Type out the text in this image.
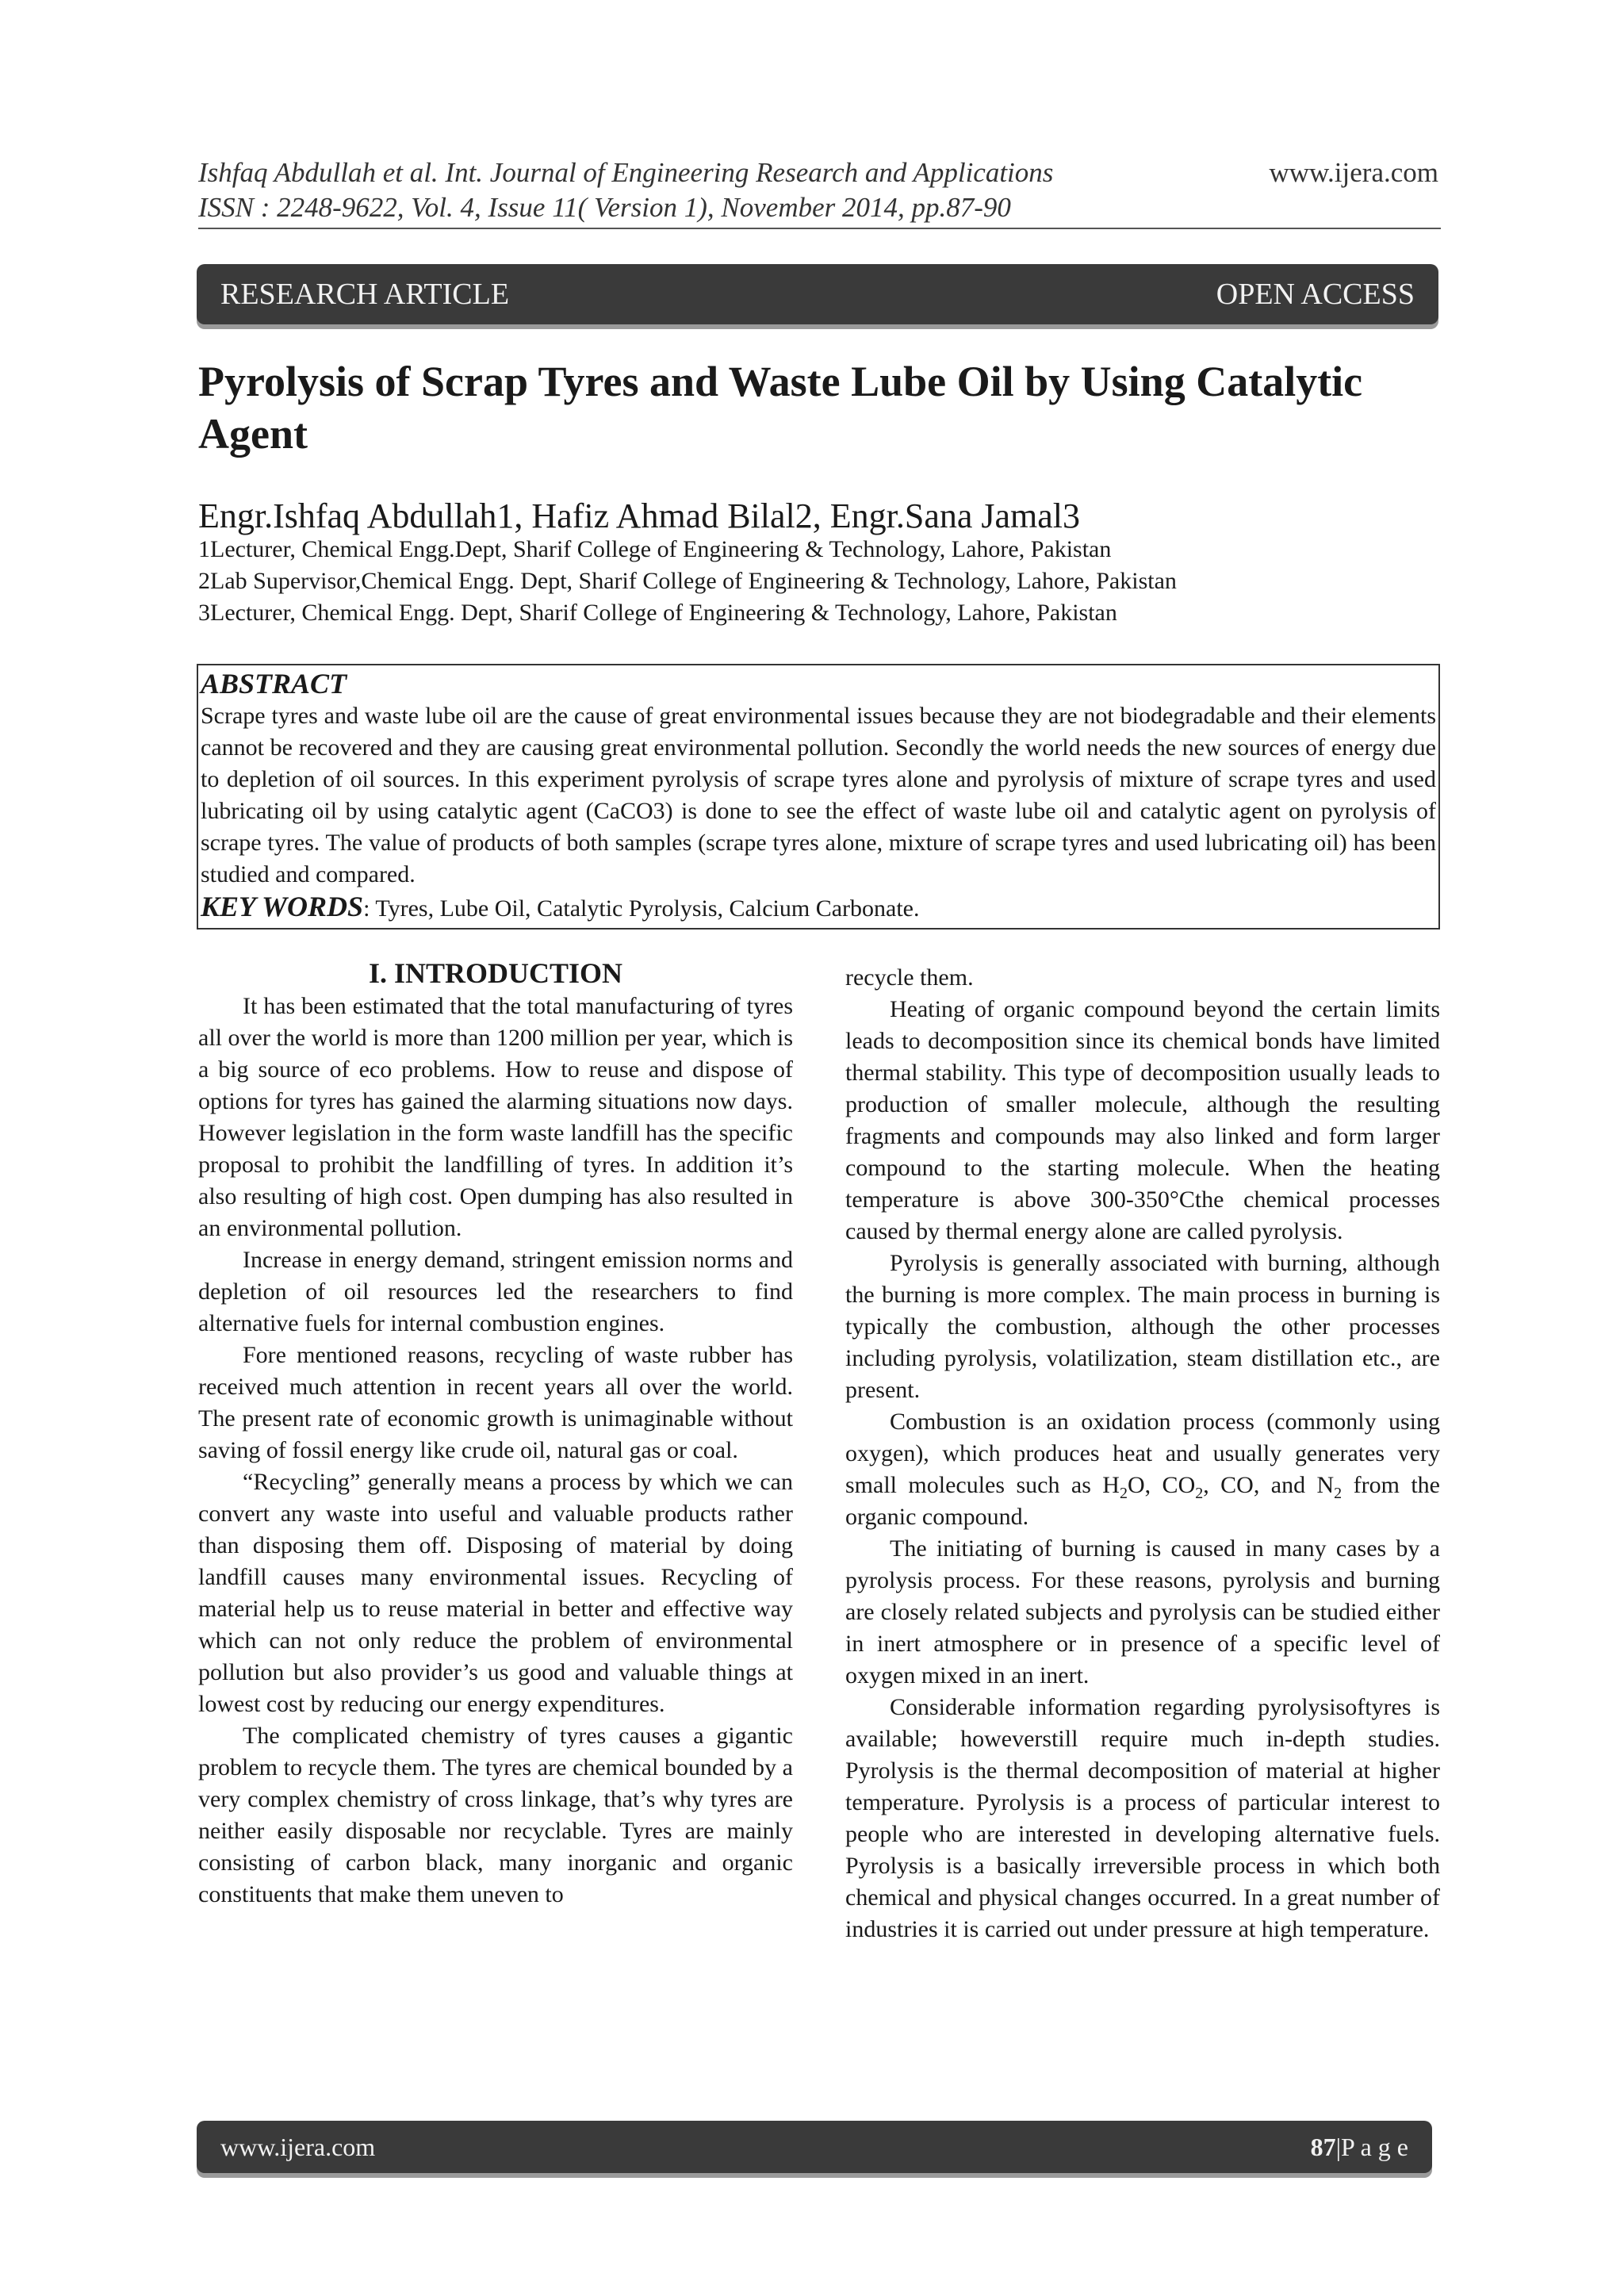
Ishfaq Abdullah et al. Int. Journal of Engineering Research and Applications
ISSN : 2248-9622, Vol. 4, Issue 11( Version 1), November 2014, pp.87-90
www.ijera.com
RESEARCH ARTICLE	OPEN ACCESS
Pyrolysis of Scrap Tyres and Waste Lube Oil by Using Catalytic Agent
Engr.Ishfaq Abdullah1, Hafiz Ahmad Bilal2, Engr.Sana Jamal3
1Lecturer, Chemical Engg.Dept, Sharif College of Engineering & Technology, Lahore, Pakistan
2Lab Supervisor,Chemical Engg. Dept, Sharif College of Engineering & Technology, Lahore, Pakistan
3Lecturer, Chemical Engg. Dept, Sharif College of Engineering & Technology, Lahore, Pakistan
ABSTRACT
Scrape tyres and waste lube oil are the cause of great environmental issues because they are not biodegradable and their elements cannot be recovered and they are causing great environmental pollution. Secondly the world needs the new sources of energy due to depletion of oil sources. In this experiment pyrolysis of scrape tyres alone and pyrolysis of mixture of scrape tyres and used lubricating oil by using catalytic agent (CaCO3) is done to see the effect of waste lube oil and catalytic agent on pyrolysis of scrape tyres. The value of products of both samples (scrape tyres alone, mixture of scrape tyres and used lubricating oil) has been studied and compared.
KEY WORDS: Tyres, Lube Oil, Catalytic Pyrolysis, Calcium Carbonate.
I. INTRODUCTION

It has been estimated that the total manufacturing of tyres all over the world is more than 1200 million per year, which is a big source of eco problems. How to reuse and dispose of options for tyres has gained the alarming situations now days. However legislation in the form waste landfill has the specific proposal to prohibit the landfilling of tyres. In addition it’s also resulting of high cost. Open dumping has also resulted in an environmental pollution.

Increase in energy demand, stringent emission norms and depletion of oil resources led the researchers to find alternative fuels for internal combustion engines.

Fore mentioned reasons, recycling of waste rubber has received much attention in recent years all over the world. The present rate of economic growth is unimaginable without saving of fossil energy like crude oil, natural gas or coal.

“Recycling” generally means a process by which we can convert any waste into useful and valuable products rather than disposing them off. Disposing of material by doing landfill causes many environmental issues. Recycling of material help us to reuse material in better and effective way which can not only reduce the problem of environmental pollution but also provider’s us good and valuable things at lowest cost by reducing our energy expenditures.

The complicated chemistry of tyres causes a gigantic problem to recycle them. The tyres are chemical bounded by a very complex chemistry of cross linkage, that’s why tyres are neither easily disposable nor recyclable. Tyres are mainly consisting of carbon black, many inorganic and organic constituents that make them uneven to

recycle them.

Heating of organic compound beyond the certain limits leads to decomposition since its chemical bonds have limited thermal stability. This type of decomposition usually leads to production of smaller molecule, although the resulting fragments and compounds may also linked and form larger compound to the starting molecule. When the heating temperature is above 300-350°Cthe chemical processes caused by thermal energy alone are called pyrolysis.

Pyrolysis is generally associated with burning, although the burning is more complex. The main process in burning is typically the combustion, although the other processes including pyrolysis, volatilization, steam distillation etc., are present.

Combustion is an oxidation process (commonly using oxygen), which produces heat and usually generates very small molecules such as $H_2O$, $CO_2$, CO, and $N_2$ from the organic compound.

The initiating of burning is caused in many cases by a pyrolysis process. For these reasons, pyrolysis and burning are closely related subjects and pyrolysis can be studied either in inert atmosphere or in presence of a specific level of oxygen mixed in an inert.

Considerable information regarding pyrolysisoftyres is available; howeverstill require much in-depth studies. Pyrolysis is the thermal decomposition of material at higher temperature. Pyrolysis is a process of particular interest to people who are interested in developing alternative fuels. Pyrolysis is a basically irreversible process in which both chemical and physical changes occurred. In a great number of industries it is carried out under pressure at high temperature.

www.ijera.com	87|P a g e
